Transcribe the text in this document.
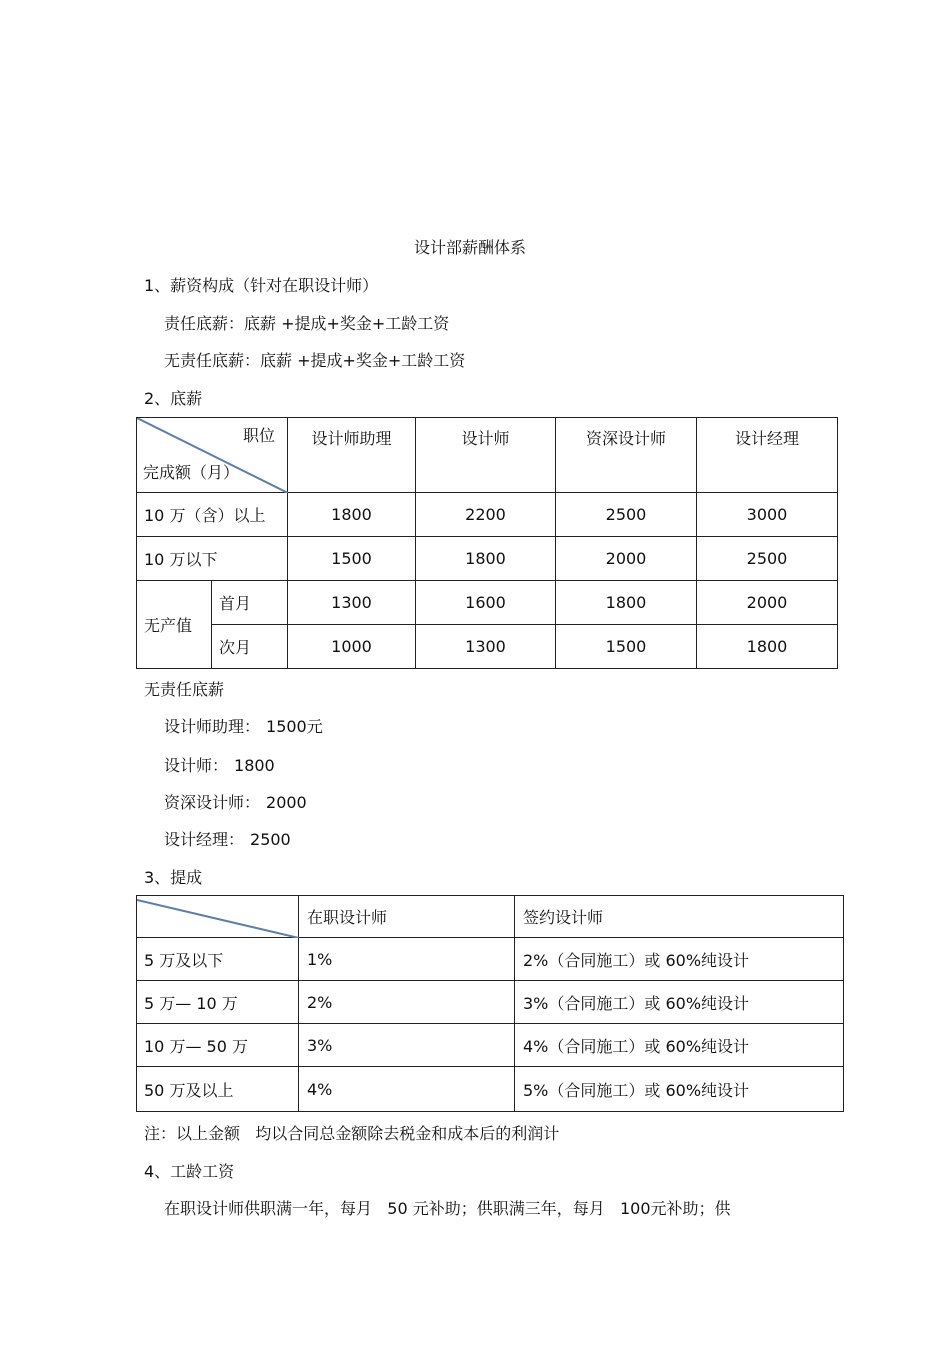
设计部薪酬体系
1、薪资构成（针对在职设计师）
责任底薪：底薪 +提成+奖金+工龄工资
无责任底薪：底薪 +提成+奖金+工龄工资
2、底薪
职位
完成额（月）		设计师助理	设计师	资深设计师	设计经理
10 万（含）以上		1800	2200	2500	3000
10 万以下		1500	1800	2000	2500
无产值	首月	1300	1600	1800	2000
	次月	1000	1300	1500	1800
无责任底薪
设计师助理： 1500元
设计师： 1800
资深设计师： 2000
设计经理： 2500
3、提成
	在职设计师	签约设计师
5 万及以下	1%	2%（合同施工）或 60%纯设计
5 万— 10 万	2%	3%（合同施工）或 60%纯设计
10 万— 50 万	3%	4%（合同施工）或 60%纯设计
50 万及以上	4%	5%（合同施工）或 60%纯设计
注：以上金额   均以合同总金额除去税金和成本后的利润计
4、工龄工资
在职设计师供职满一年，每月   50 元补助；供职满三年，每月   100元补助；供
